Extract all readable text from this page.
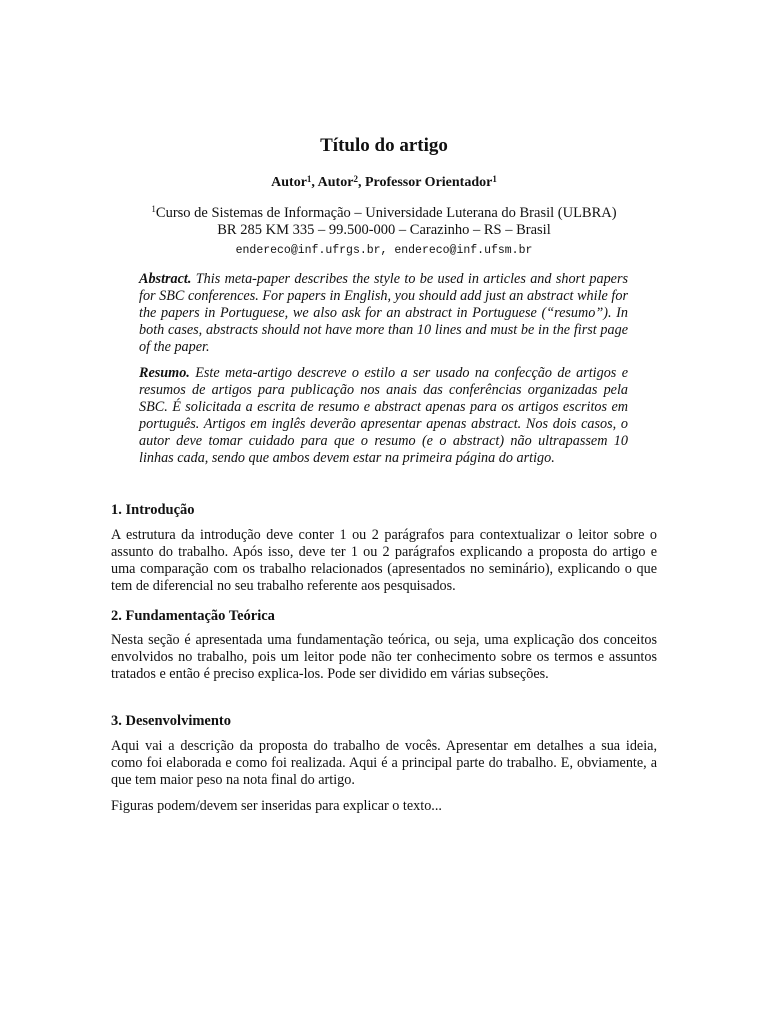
Título do artigo
Autor$^1$, Autor$^2$, Professor Orientador$^1$
$^1$Curso de Sistemas de Informação – Universidade Luterana do Brasil (ULBRA)
BR 285 KM 335 – 99.500-000 – Carazinho – RS – Brasil
endereco@inf.ufrgs.br, endereco@inf.ufsm.br
Abstract. This meta-paper describes the style to be used in articles and short papers for SBC conferences. For papers in English, you should add just an abstract while for the papers in Portuguese, we also ask for an abstract in Portuguese (“resumo”). In both cases, abstracts should not have more than 10 lines and must be in the first page of the paper.
Resumo. Este meta-artigo descreve o estilo a ser usado na confecção de artigos e resumos de artigos para publicação nos anais das conferências organizadas pela SBC. É solicitada a escrita de resumo e abstract apenas para os artigos escritos em português. Artigos em inglês deverão apresentar apenas abstract. Nos dois casos, o autor deve tomar cuidado para que o resumo (e o abstract) não ultrapassem 10 linhas cada, sendo que ambos devem estar na primeira página do artigo.
1. Introdução
A estrutura da introdução deve conter 1 ou 2 parágrafos para contextualizar o leitor sobre o assunto do trabalho. Após isso, deve ter 1 ou 2 parágrafos explicando a proposta do artigo e uma comparação com os trabalho relacionados (apresentados no seminário), explicando o que tem de diferencial no seu trabalho referente aos pesquisados.
2. Fundamentação Teórica
Nesta seção é apresentada uma fundamentação teórica, ou seja, uma explicação dos conceitos envolvidos no trabalho, pois um leitor pode não ter conhecimento sobre os termos e assuntos tratados e então é preciso explica-los. Pode ser dividido em várias subseções.
3. Desenvolvimento
Aqui vai a descrição da proposta do trabalho de vocês. Apresentar em detalhes a sua ideia, como foi elaborada e como foi realizada. Aqui é a principal parte do trabalho. E, obviamente, a que tem maior peso na nota final do artigo.
Figuras podem/devem ser inseridas para explicar o texto...
